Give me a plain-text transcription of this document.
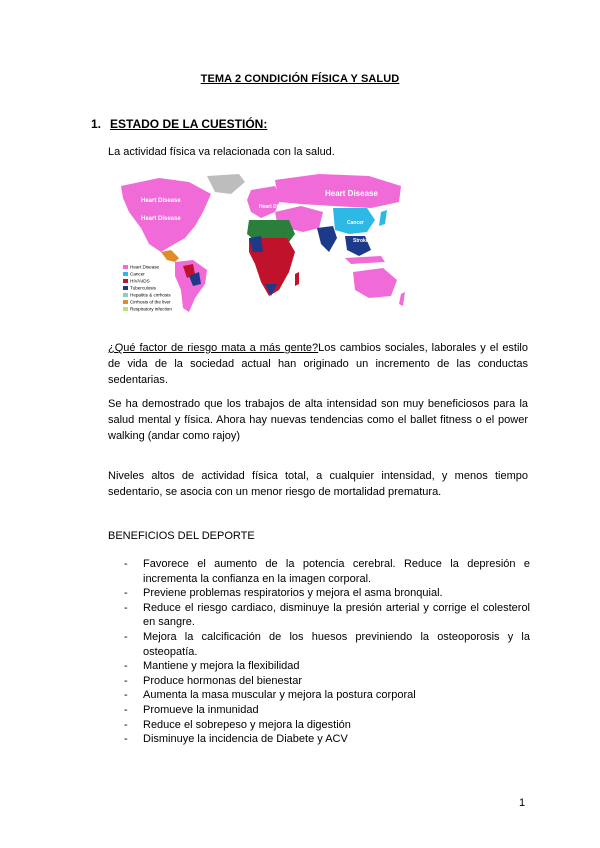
TEMA 2 CONDICIÓN FÍSICA Y SALUD
1. ESTADO DE LA CUESTIÓN:
La actividad física va relacionada con la salud.
Heart Disease
Heart Disease
Heart Disease
Heart Disease
Cancer
Stroke
Heart Disease
Cancer
HIV/AIDS
Tuberculosis
Hepatitis & cirrhosis
Cirrhosis of the liver
Respiratory infection
¿Qué factor de riesgo mata a más gente?Los cambios sociales, laborales y el estilo de vida de la sociedad actual han originado un incremento de las conductas sedentarias.
Se ha demostrado que los trabajos de alta intensidad son muy beneficiosos para la salud mental y física. Ahora hay nuevas tendencias como el ballet fitness o el power walking (andar como rajoy)
Niveles altos de actividad física total, a cualquier intensidad, y menos tiempo sedentario, se asocia con un menor riesgo de mortalidad prematura.
BENEFICIOS DEL DEPORTE
- Favorece el aumento de la potencia cerebral. Reduce la depresión e incrementa la confianza en la imagen corporal.
- Previene problemas respiratorios y mejora el asma bronquial.
- Reduce el riesgo cardiaco, disminuye la presión arterial y corrige el colesterol en sangre.
- Mejora la calcificación de los huesos previniendo la osteoporosis y la osteopatía.
- Mantiene y mejora la flexibilidad
- Produce hormonas del bienestar
- Aumenta la masa muscular y mejora la postura corporal
- Promueve la inmunidad
- Reduce el sobrepeso y mejora la digestión
- Disminuye la incidencia de Diabete y ACV
1
